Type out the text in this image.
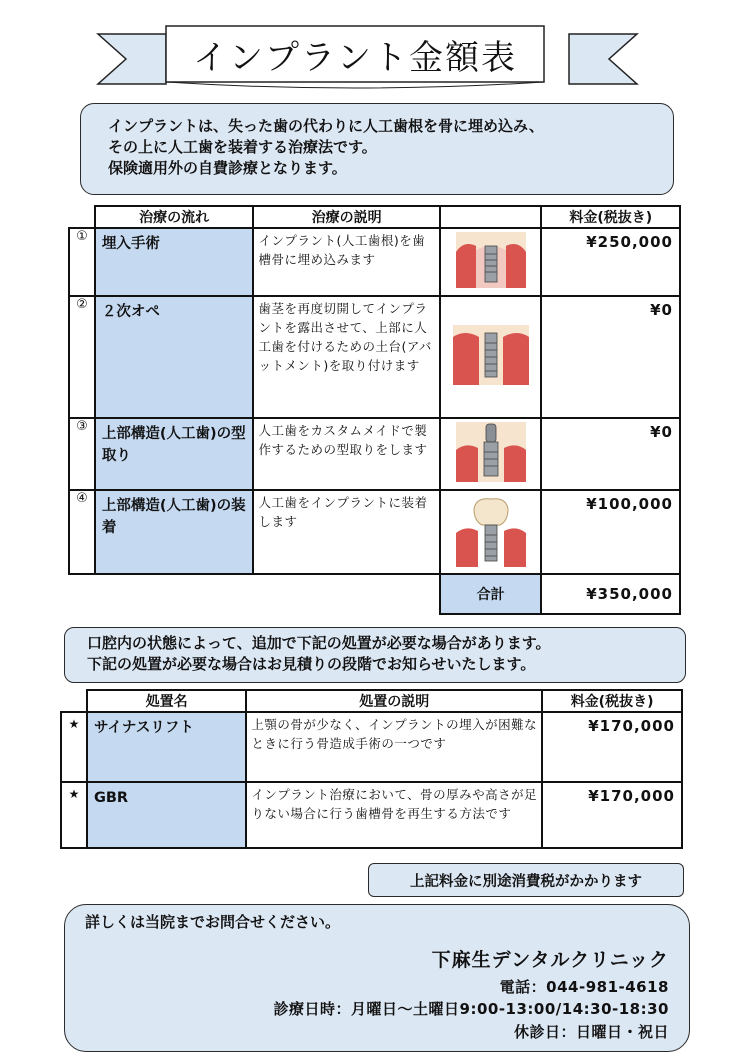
インプラント金額表

インプラントは、失った歯の代わりに人工歯根を骨に埋め込み、

その上に人工歯を装着する治療法です。

保険適用外の自費診療となります。

	治療の流れ	治療の説明		料金(税抜き)
①	埋入手術	インプラント(人工歯根)を歯槽骨に埋め込みます		¥250,000
②	２次オペ	歯茎を再度切開してインプラントを露出させて、上部に人工歯を付けるための土台(アバットメント)を取り付けます		¥0
③	上部構造(人工歯)の型取り	人工歯をカスタムメイドで製作するための型取りをします		¥0
④	上部構造(人工歯)の装着	人工歯をインプラントに装着します		¥100,000
			合計	¥350,000

口腔内の状態によって、追加で下記の処置が必要な場合があります。

下記の処置が必要な場合はお見積りの段階でお知らせいたします。

	処置名	処置の説明	料金(税抜き)
★	サイナスリフト	上顎の骨が少なく、インプラントの埋入が困難なときに行う骨造成手術の一つです	¥170,000
★	GBR	インプラント治療において、骨の厚みや高さが足りない場合に行う歯槽骨を再生する方法です	¥170,000
上記料金に別途消費税がかかります
詳しくは当院までお問合せください。
下麻生デンタルクリニック
電話：044-981-4618
診療日時：月曜日～土曜日9:00-13:00/14:30-18:30
休診日：日曜日・祝日
